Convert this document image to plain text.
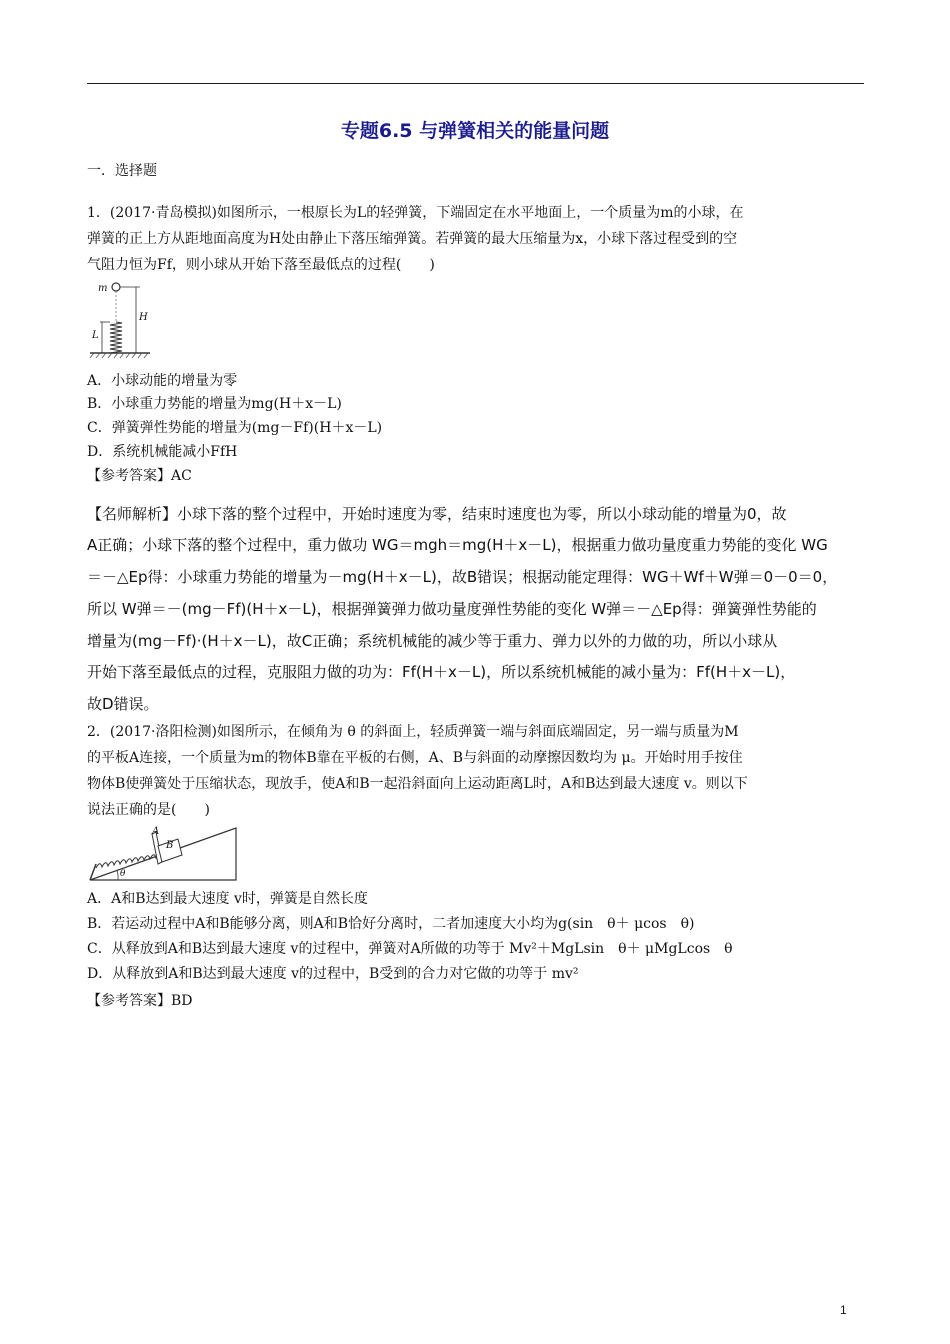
专题6.5 与弹簧相关的能量问题
一．选择题
1．(2017·青岛模拟)如图所示，一根原长为L的轻弹簧，下端固定在水平地面上，一个质量为m的小球，在
弹簧的正上方从距地面高度为H处由静止下落压缩弹簧。若弹簧的最大压缩量为x，小球下落过程受到的空
气阻力恒为Ff，则小球从开始下落至最低点的过程(　　)
m
H
L
A．小球动能的增量为零
B．小球重力势能的增量为mg(H＋x－L)
C．弹簧弹性势能的增量为(mg－Ff)(H＋x－L)
D．系统机械能减小FfH
【参考答案】AC
【名师解析】小球下落的整个过程中，开始时速度为零，结束时速度也为零，所以小球动能的增量为0，故
A正确；小球下落的整个过程中，重力做功 WG＝mgh＝mg(H＋x－L)，根据重力做功量度重力势能的变化 WG
＝－△Ep得：小球重力势能的增量为－mg(H＋x－L)，故B错误；根据动能定理得：WG＋Wf＋W弹＝0－0＝0，
所以 W弹＝－(mg－Ff)(H＋x－L)，根据弹簧弹力做功量度弹性势能的变化 W弹＝－△Ep得：弹簧弹性势能的
增量为(mg－Ff)·(H＋x－L)，故C正确；系统机械能的减少等于重力、弹力以外的力做的功，所以小球从
开始下落至最低点的过程，克服阻力做的功为：Ff(H＋x－L)，所以系统机械能的减小量为：Ff(H＋x－L)，
故D错误。
2．(2017·洛阳检测)如图所示，在倾角为 θ 的斜面上，轻质弹簧一端与斜面底端固定，另一端与质量为M
的平板A连接，一个质量为m的物体B靠在平板的右侧，A、B与斜面的动摩擦因数均为 μ。开始时用手按住
物体B使弹簧处于压缩状态，现放手，使A和B一起沿斜面向上运动距离L时，A和B达到最大速度 v。则以下
说法正确的是(　　)
A
B
θ
A．A和B达到最大速度 v时，弹簧是自然长度
B．若运动过程中A和B能够分离，则A和B恰好分离时，二者加速度大小均为g(sin　θ＋ μcos　θ)
C．从释放到A和B达到最大速度 v的过程中，弹簧对A所做的功等于 Mv²＋MgLsin　θ＋ μMgLcos　θ
D．从释放到A和B达到最大速度 v的过程中，B受到的合力对它做的功等于 mv²
【参考答案】BD
1
